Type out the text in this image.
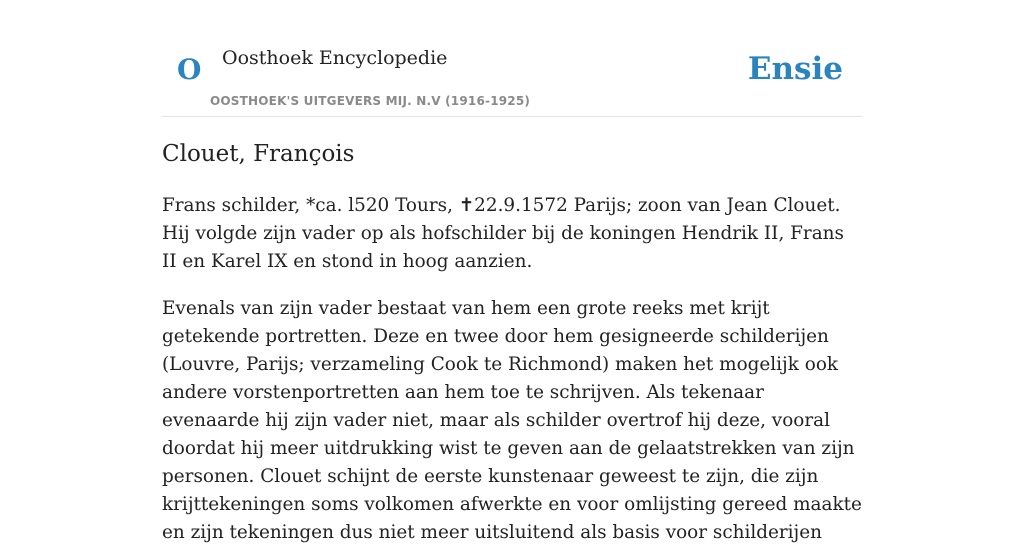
O Oosthoek Encyclopedie
OOSTHOEK'S UITGEVERS MIJ. N.V (1916-1925)
Ensie
Clouet, François

Frans schilder, *ca. l520 Tours, ✝22.9.1572 Parijs; zoon van Jean Clouet. Hij volgde zijn vader op als hofschilder bij de koningen Hendrik II, Frans II en Karel IX en stond in hoog aanzien.

Evenals van zijn vader bestaat van hem een grote reeks met krijt getekende portretten. Deze en twee door hem gesigneerde schilderijen (Louvre, Parijs; verzameling Cook te Richmond) maken het mogelijk ook andere vorstenportretten aan hem toe te schrijven. Als tekenaar evenaarde hij zijn vader niet, maar als schilder overtrof hij deze, vooral doordat hij meer uitdrukking wist te geven aan de gelaatstrekken van zijn personen. Clouet schijnt de eerste kunstenaar geweest te zijn, die zijn krijttekeningen soms volkomen afwerkte en voor omlijsting gereed maakte en zijn tekeningen dus niet meer uitsluitend als basis voor schilderijen
